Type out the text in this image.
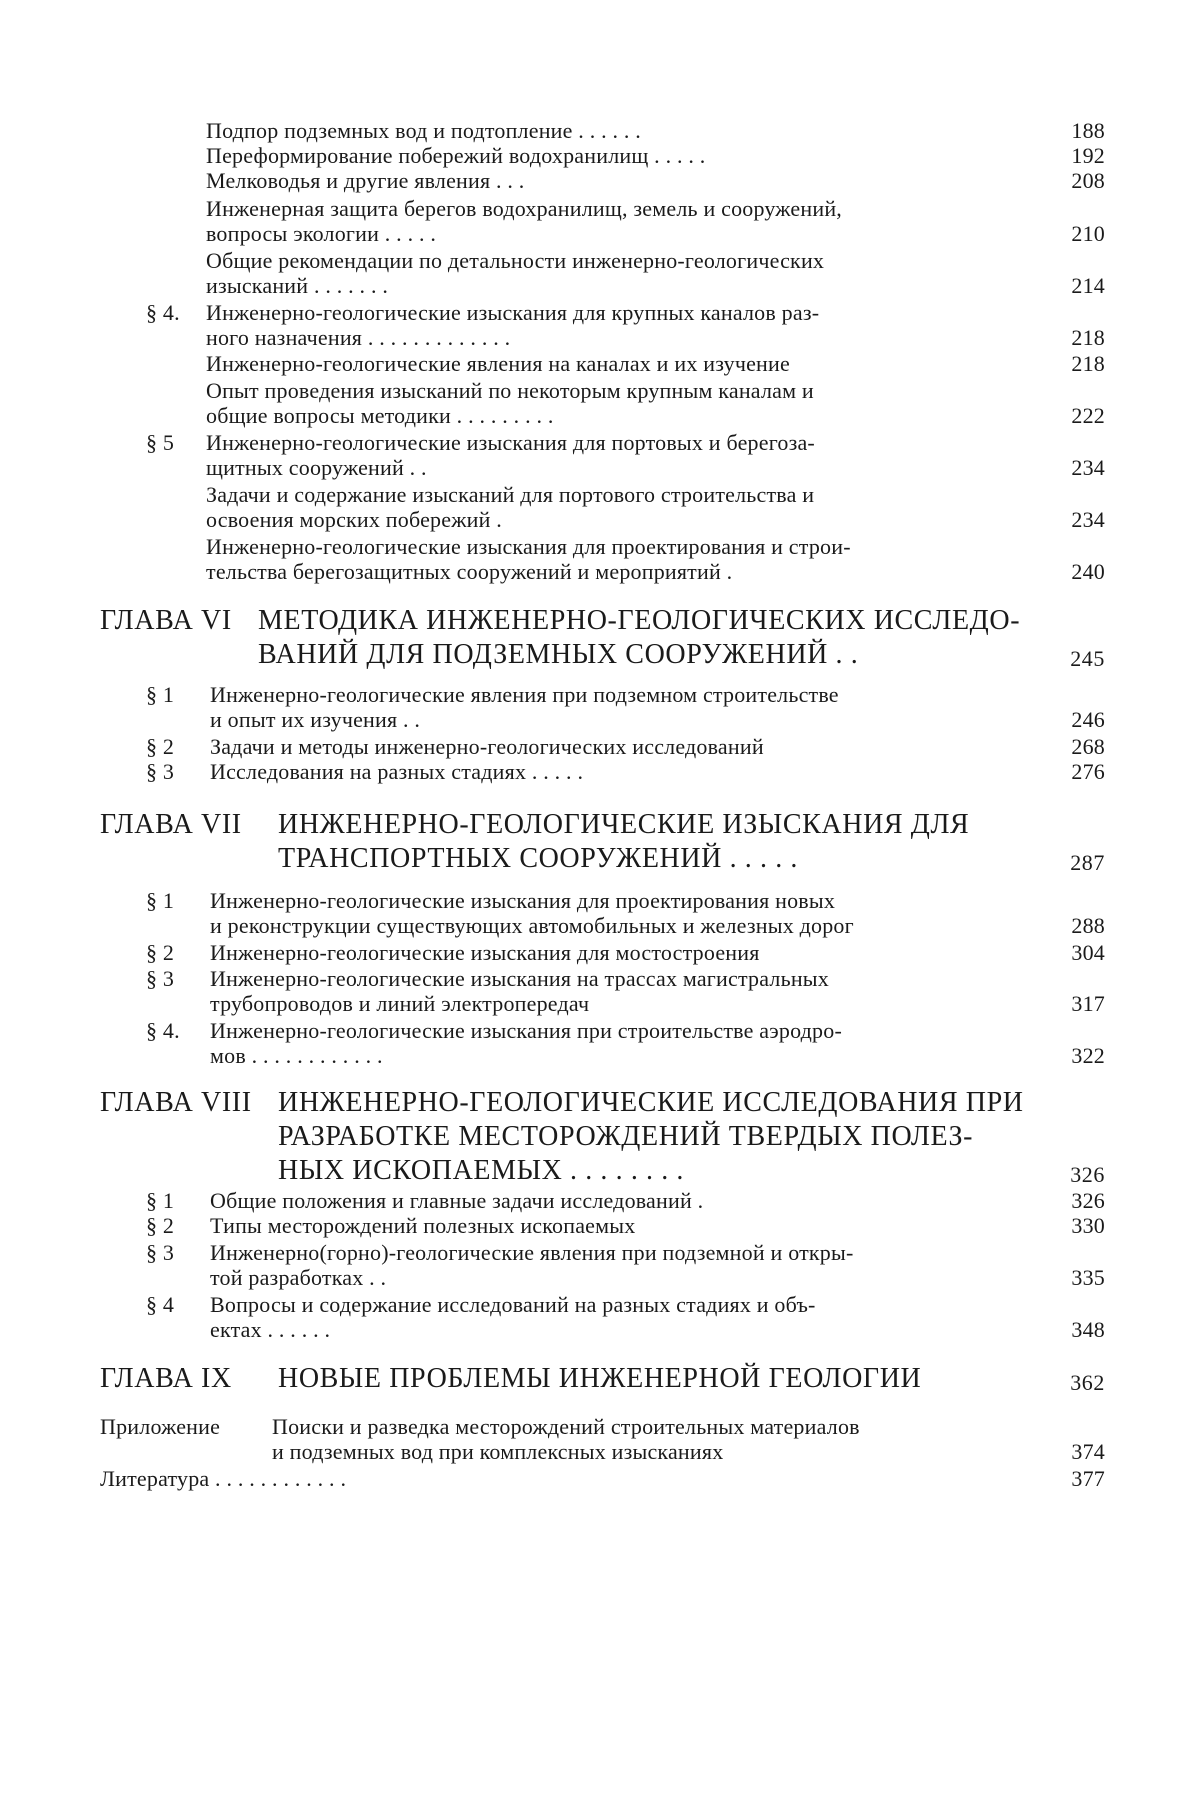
Подпор подземных вод и подтопление . . . . . .	188
Переформирование побережий водохранилищ . . . . .	192
Мелководья и другие явления . . .	208
Инженерная защита берегов водохранилищ, земель и сооружений,
вопросы экологии . . . . .	210
Общие рекомендации по детальности инженерно-геологических
изысканий . . . . . . .	214
§ 4.	Инженерно-геологические изыскания для крупных каналов раз-
ного назначения . . . . . . . . . . . . .	218
Инженерно-геологические явления на каналах и их изучение	218
Опыт проведения изысканий по некоторым крупным каналам и
общие вопросы методики . . . . . . . . .	222
§ 5	Инженерно-геологические изыскания для портовых и берегоза-
щитных сооружений . .	234
Задачи и содержание изысканий для портового строительства и
освоения морских побережий .	234
Инженерно-геологические изыскания для проектирования и строи-
тельства берегозащитных сооружений и мероприятий .	240
ГЛАВА VI МЕТОДИКА ИНЖЕНЕРНО-ГЕОЛОГИЧЕСКИХ ИССЛЕДО-
ВАНИЙ ДЛЯ ПОДЗЕМНЫХ СООРУЖЕНИЙ . .	245
§ 1	Инженерно-геологические явления при подземном строительстве
и опыт их изучения . .	246
§ 2	Задачи и методы инженерно-геологических исследований	268
§ 3	Исследования на разных стадиях . . . . .	276
ГЛАВА VII ИНЖЕНЕРНО-ГЕОЛОГИЧЕСКИЕ ИЗЫСКАНИЯ ДЛЯ
ТРАНСПОРТНЫХ СООРУЖЕНИЙ . . . . .	287
§ 1	Инженерно-геологические изыскания для проектирования новых
и реконструкции существующих автомобильных и железных дорог	288
§ 2	Инженерно-геологические изыскания для мостостроения	304
§ 3	Инженерно-геологические изыскания на трассах магистральных
трубопроводов и линий электропередач	317
§ 4.	Инженерно-геологические изыскания при строительстве аэродро-
мов . . . . . . . . . . . .	322
ГЛАВА VIII ИНЖЕНЕРНО-ГЕОЛОГИЧЕСКИЕ ИССЛЕДОВАНИЯ ПРИ
РАЗРАБОТКЕ МЕСТОРОЖДЕНИЙ ТВЕРДЫХ ПОЛЕЗ-
НЫХ ИСКОПАЕМЫХ . . . . . . . .	326
§ 1	Общие положения и главные задачи исследований .	326
§ 2	Типы месторождений полезных ископаемых	330
§ 3	Инженерно(горно)-геологические явления при подземной и откры-
той разработках . .	335
§ 4	Вопросы и содержание исследований на разных стадиях и объ-
ектах . . . . . .	348
ГЛАВА IX НОВЫЕ ПРОБЛЕМЫ ИНЖЕНЕРНОЙ ГЕОЛОГИИ	362
Приложение Поиски и разведка месторождений строительных материалов
и подземных вод при комплексных изысканиях	374
Литература . . . . . . . . . . . .	377
